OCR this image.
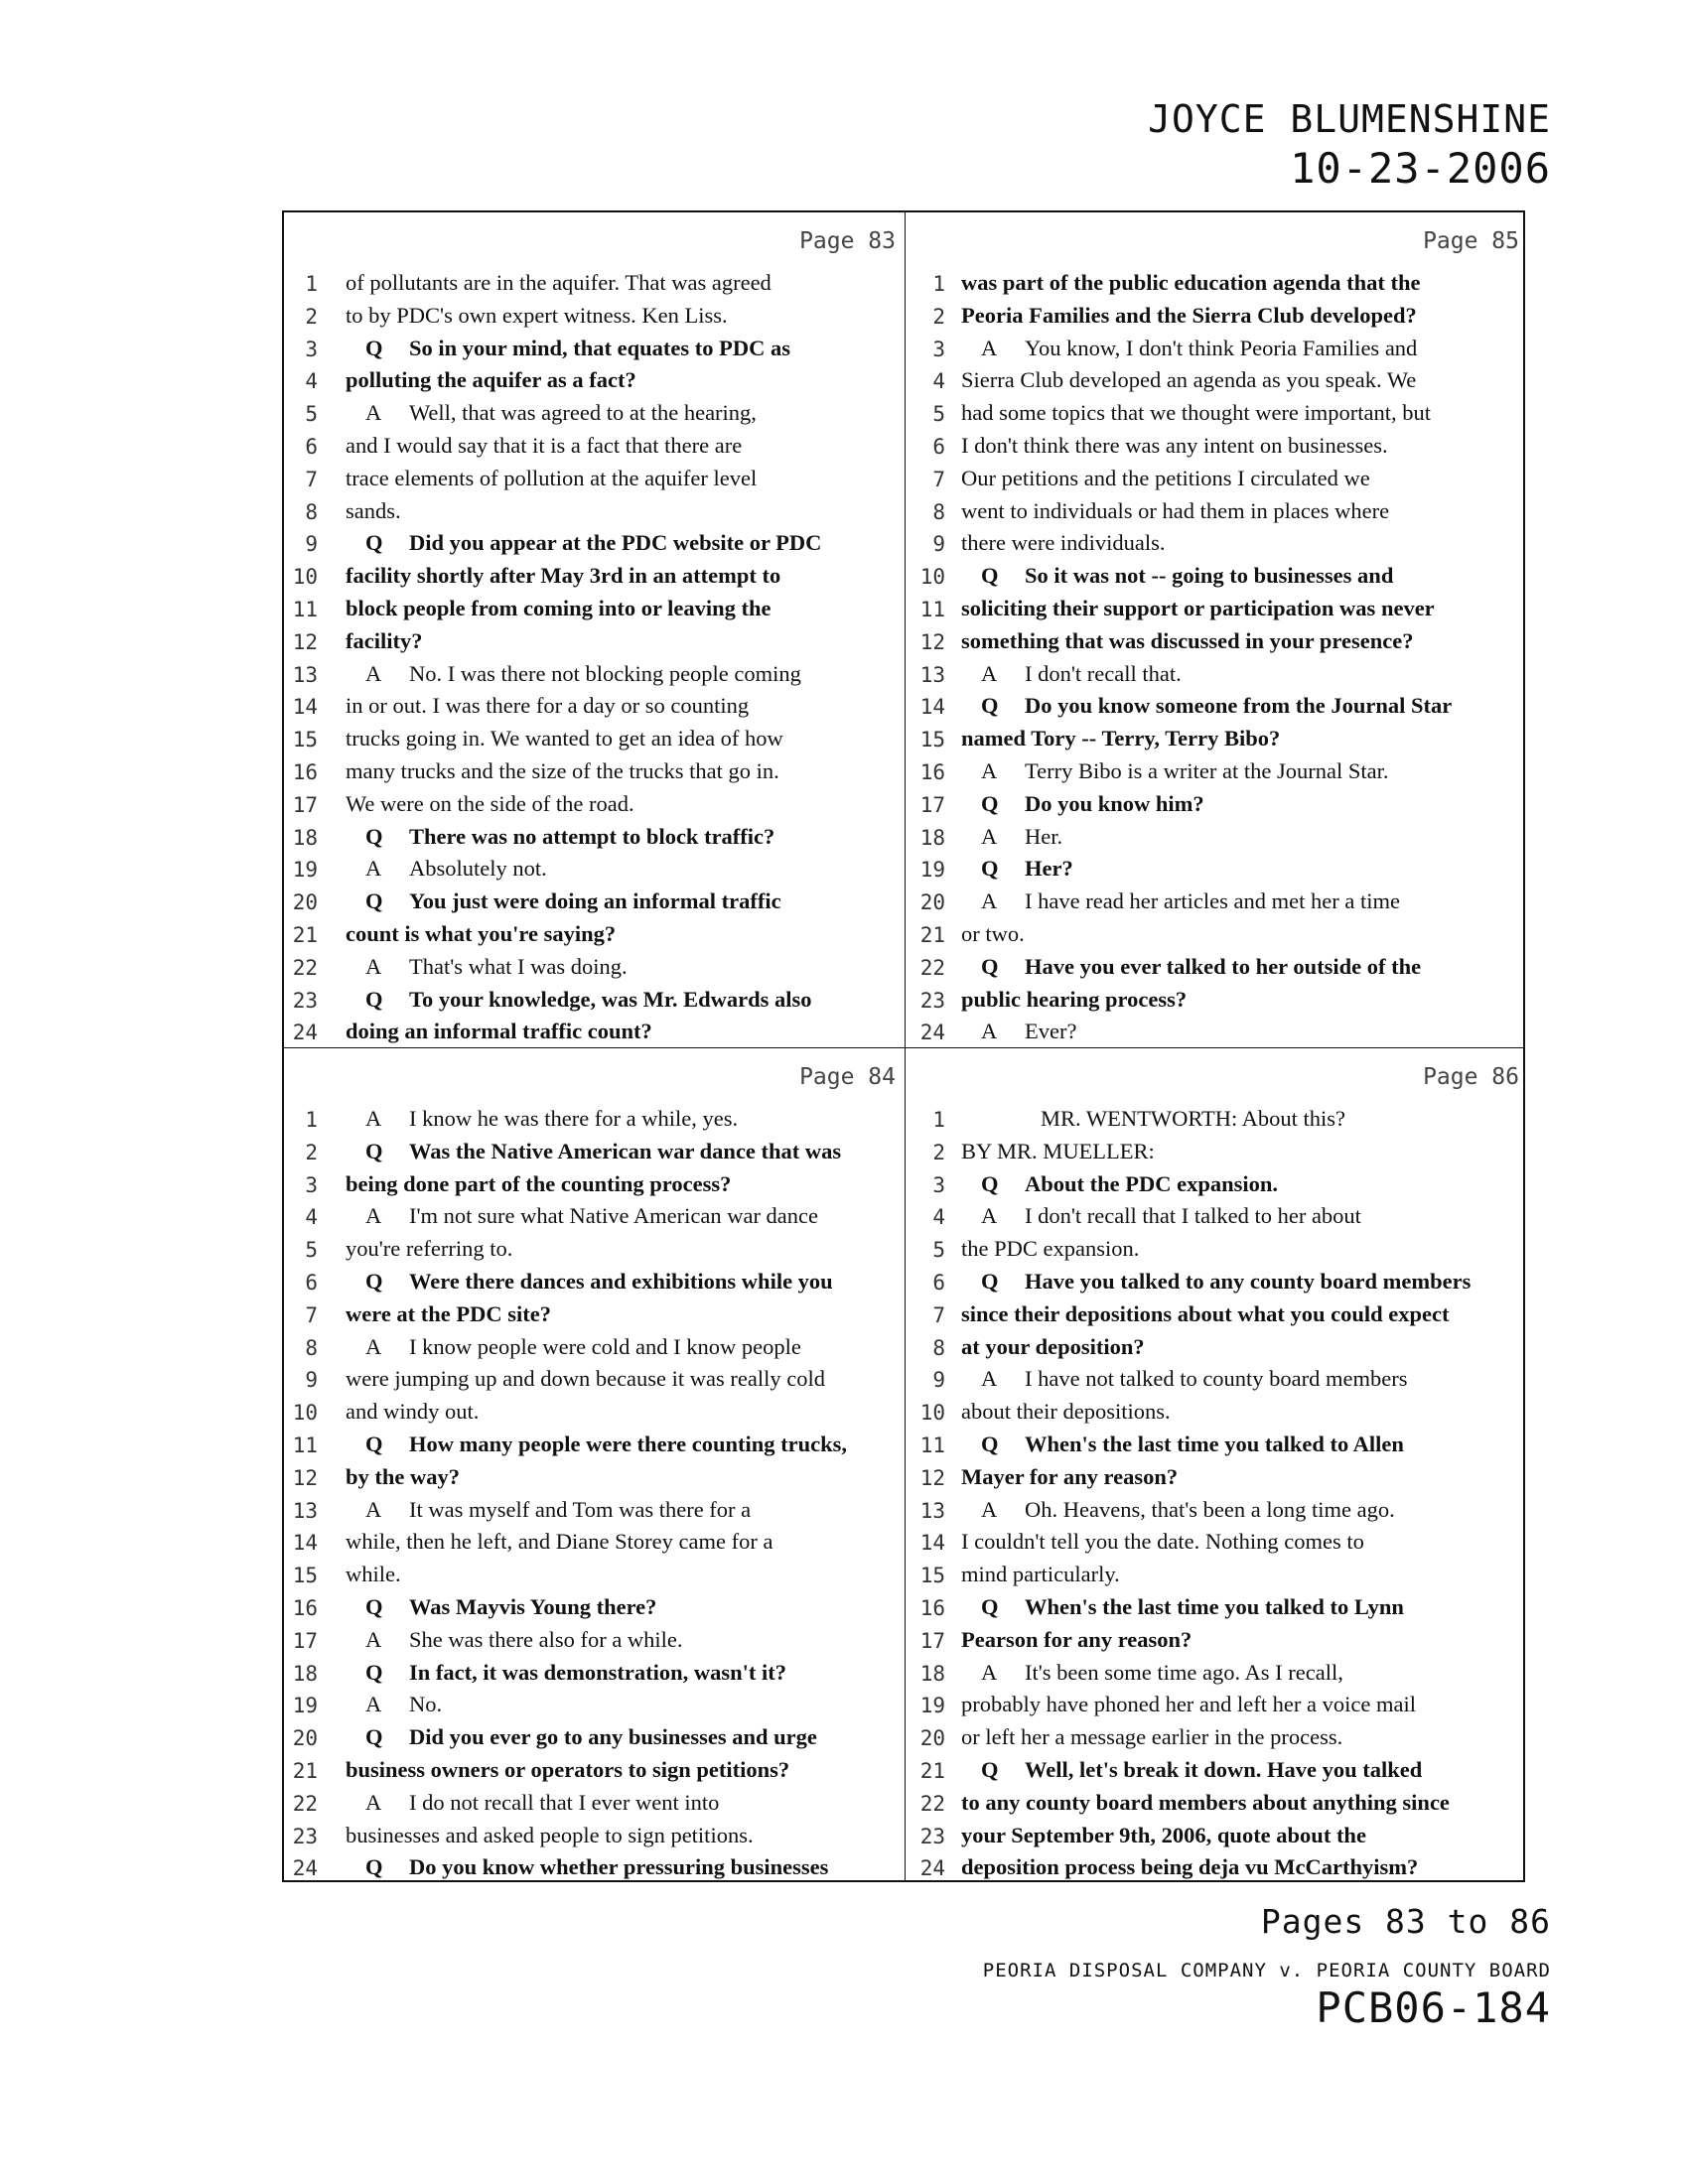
JOYCE BLUMENSHINE
10-23-2006
Page 83
1 of pollutants are in the aquifer. That was agreed
2 to by PDC's own expert witness. Ken Liss.
3	Q So in your mind, that equates to PDC as
4 polluting the aquifer as a fact?
5	A Well, that was agreed to at the hearing,
6 and I would say that it is a fact that there are
7 trace elements of pollution at the aquifer level
8 sands.
9	Q Did you appear at the PDC website or PDC
10 facility shortly after May 3rd in an attempt to
11 block people from coming into or leaving the
12 facility?
13	A No. I was there not blocking people coming
14 in or out. I was there for a day or so counting
15 trucks going in. We wanted to get an idea of how
16 many trucks and the size of the trucks that go in.
17 We were on the side of the road.
18	Q There was no attempt to block traffic?
19	A Absolutely not.
20	Q You just were doing an informal traffic
21 count is what you're saying?
22	A That's what I was doing.
23	Q To your knowledge, was Mr. Edwards also
24 doing an informal traffic count?
Page 85
1 was part of the public education agenda that the
2 Peoria Families and the Sierra Club developed?
3	A You know, I don't think Peoria Families and
4 Sierra Club developed an agenda as you speak. We
5 had some topics that we thought were important, but
6 I don't think there was any intent on businesses.
7 Our petitions and the petitions I circulated we
8 went to individuals or had them in places where
9 there were individuals.
10	Q So it was not -- going to businesses and
11 soliciting their support or participation was never
12 something that was discussed in your presence?
13	A I don't recall that.
14	Q Do you know someone from the Journal Star
15 named Tory -- Terry, Terry Bibo?
16	A Terry Bibo is a writer at the Journal Star.
17	Q Do you know him?
18	A Her.
19	Q Her?
20	A I have read her articles and met her a time
21 or two.
22	Q Have you ever talked to her outside of the
23 public hearing process?
24	A Ever?
Page 84
1	A I know he was there for a while, yes.
2	Q Was the Native American war dance that was
3 being done part of the counting process?
4	A I'm not sure what Native American war dance
5 you're referring to.
6	Q Were there dances and exhibitions while you
7 were at the PDC site?
8	A I know people were cold and I know people
9 were jumping up and down because it was really cold
10 and windy out.
11	Q How many people were there counting trucks,
12 by the way?
13	A It was myself and Tom was there for a
14 while, then he left, and Diane Storey came for a
15 while.
16	Q Was Mayvis Young there?
17	A She was there also for a while.
18	Q In fact, it was demonstration, wasn't it?
19	A No.
20	Q Did you ever go to any businesses and urge
21 business owners or operators to sign petitions?
22	A I do not recall that I ever went into
23 businesses and asked people to sign petitions.
24	Q Do you know whether pressuring businesses
Page 86
1	MR. WENTWORTH: About this?
2 BY MR. MUELLER:
3	Q About the PDC expansion.
4	A I don't recall that I talked to her about
5 the PDC expansion.
6	Q Have you talked to any county board members
7 since their depositions about what you could expect
8 at your deposition?
9	A I have not talked to county board members
10 about their depositions.
11	Q When's the last time you talked to Allen
12 Mayer for any reason?
13	A Oh. Heavens, that's been a long time ago.
14 I couldn't tell you the date. Nothing comes to
15 mind particularly.
16	Q When's the last time you talked to Lynn
17 Pearson for any reason?
18	A It's been some time ago. As I recall,
19 probably have phoned her and left her a voice mail
20 or left her a message earlier in the process.
21	Q Well, let's break it down. Have you talked
22 to any county board members about anything since
23 your September 9th, 2006, quote about the
24 deposition process being deja vu McCarthyism?
Pages 83 to 86
PEORIA DISPOSAL COMPANY v. PEORIA COUNTY BOARD
PCB06-184
